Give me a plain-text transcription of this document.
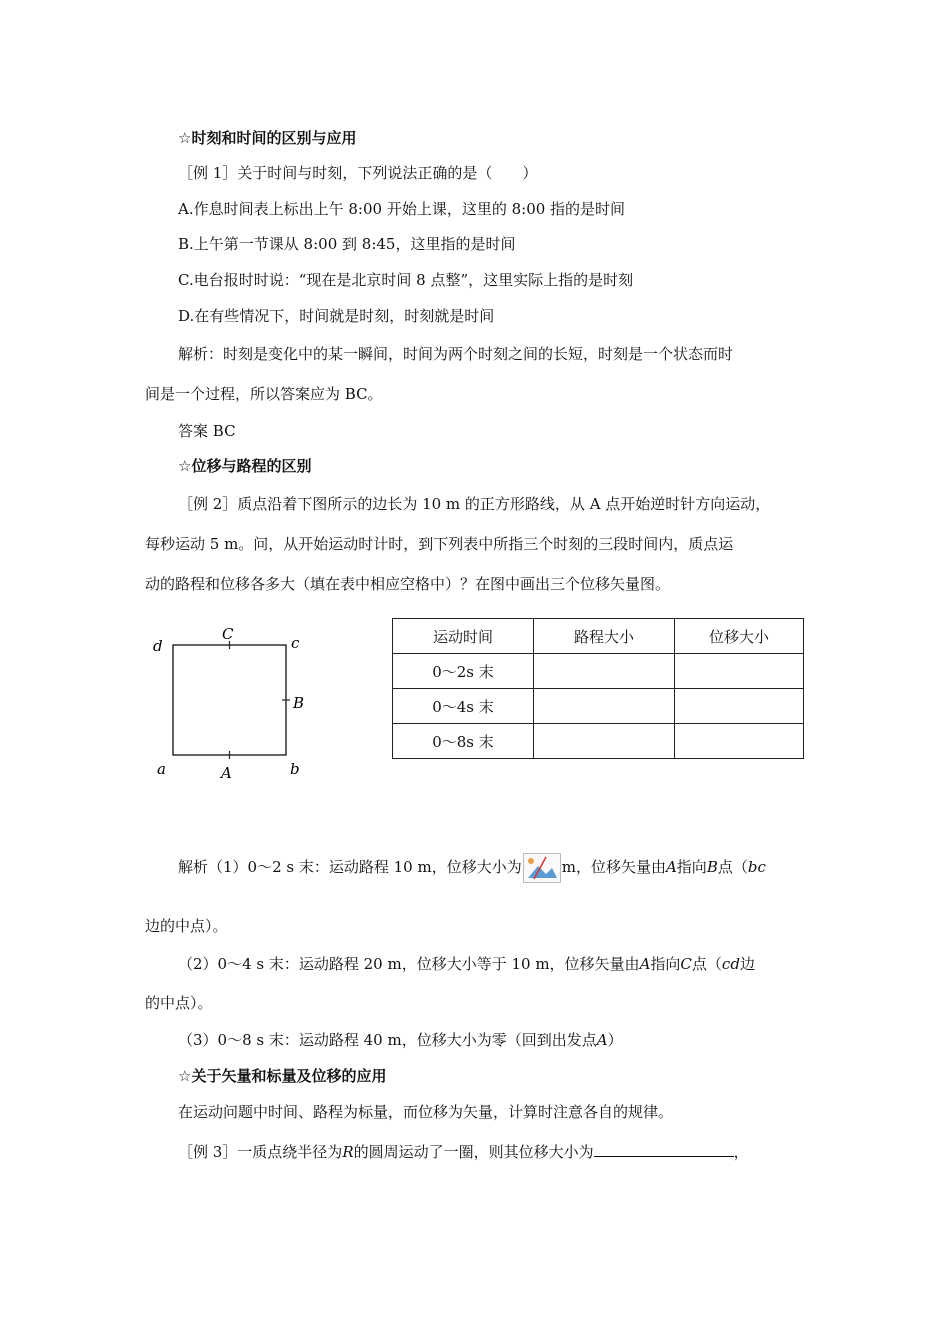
☆时刻和时间的区别与应用
［例 1］关于时间与时刻，下列说法正确的是（　　）
A.作息时间表上标出上午 8:00 开始上课，这里的 8:00 指的是时间
B.上午第一节课从 8:00 到 8:45，这里指的是时间
C.电台报时时说：“现在是北京时间 8 点整”，这里实际上指的是时刻
D.在有些情况下，时间就是时刻，时刻就是时间
解析：时刻是变化中的某一瞬间，时间为两个时刻之间的长短，时刻是一个状态而时
间是一个过程，所以答案应为 BC。
答案 BC
☆位移与路程的区别
［例 2］质点沿着下图所示的边长为 10 m 的正方形路线，从 A 点开始逆时针方向运动，
每秒运动 5 m。问，从开始运动时计时，到下列表中所指三个时刻的三段时间内，质点运
动的路程和位移各多大（填在表中相应空格中）？在图中画出三个位移矢量图。
d
C	c
B
a	A	b
运动时间	路程大小	位移大小
0～2s 末		
0～4s 末		
0～8s 末		
解析（1）0～2 s 末：运动路程 10 m，位移大小为	m，位移矢量由A指向B点（bc
边的中点）。
（2）0～4 s 末：运动路程 20 m，位移大小等于 10 m，位移矢量由A指向C点（cd边
的中点）。
（3）0～8 s 末：运动路程 40 m，位移大小为零（回到出发点A）
☆关于矢量和标量及位移的应用
在运动问题中时间、路程为标量，而位移为矢量，计算时注意各自的规律。
［例 3］一质点绕半径为R的圆周运动了一圈，则其位移大小为	，
